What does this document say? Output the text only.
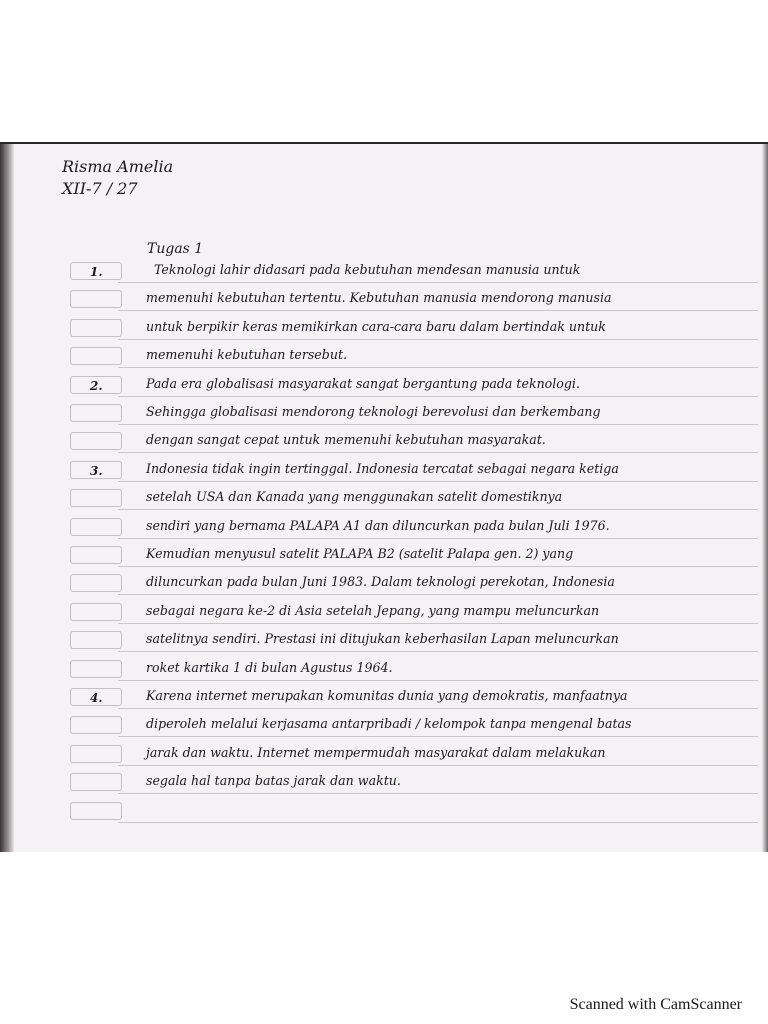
Risma Amelia
XII-7 / 27
Tugas 1
1.	Teknologi lahir didasari pada kebutuhan mendesan manusia untuk
memenuhi kebutuhan tertentu. Kebutuhan manusia mendorong manusia
untuk berpikir keras memikirkan cara-cara baru dalam bertindak untuk
memenuhi kebutuhan tersebut.
2.	Pada era globalisasi masyarakat sangat bergantung pada teknologi.
Sehingga globalisasi mendorong teknologi berevolusi dan berkembang
dengan sangat cepat untuk memenuhi kebutuhan masyarakat.
3.	Indonesia tidak ingin tertinggal. Indonesia tercatat sebagai negara ketiga
setelah USA dan Kanada yang menggunakan satelit domestiknya
sendiri yang bernama PALAPA A1 dan diluncurkan pada bulan Juli 1976.
Kemudian menyusul satelit PALAPA B2 (satelit Palapa gen. 2) yang
diluncurkan pada bulan Juni 1983. Dalam teknologi perekotan, Indonesia
sebagai negara ke-2 di Asia setelah Jepang, yang mampu meluncurkan
satelitnya sendiri. Prestasi ini ditujukan keberhasilan Lapan meluncurkan
roket kartika 1 di bulan Agustus 1964.
4.	Karena internet merupakan komunitas dunia yang demokratis, manfaatnya
diperoleh melalui kerjasama antarpribadi / kelompok tanpa mengenal batas
jarak dan waktu. Internet mempermudah masyarakat dalam melakukan
segala hal tanpa batas jarak dan waktu.
Scanned with CamScanner
